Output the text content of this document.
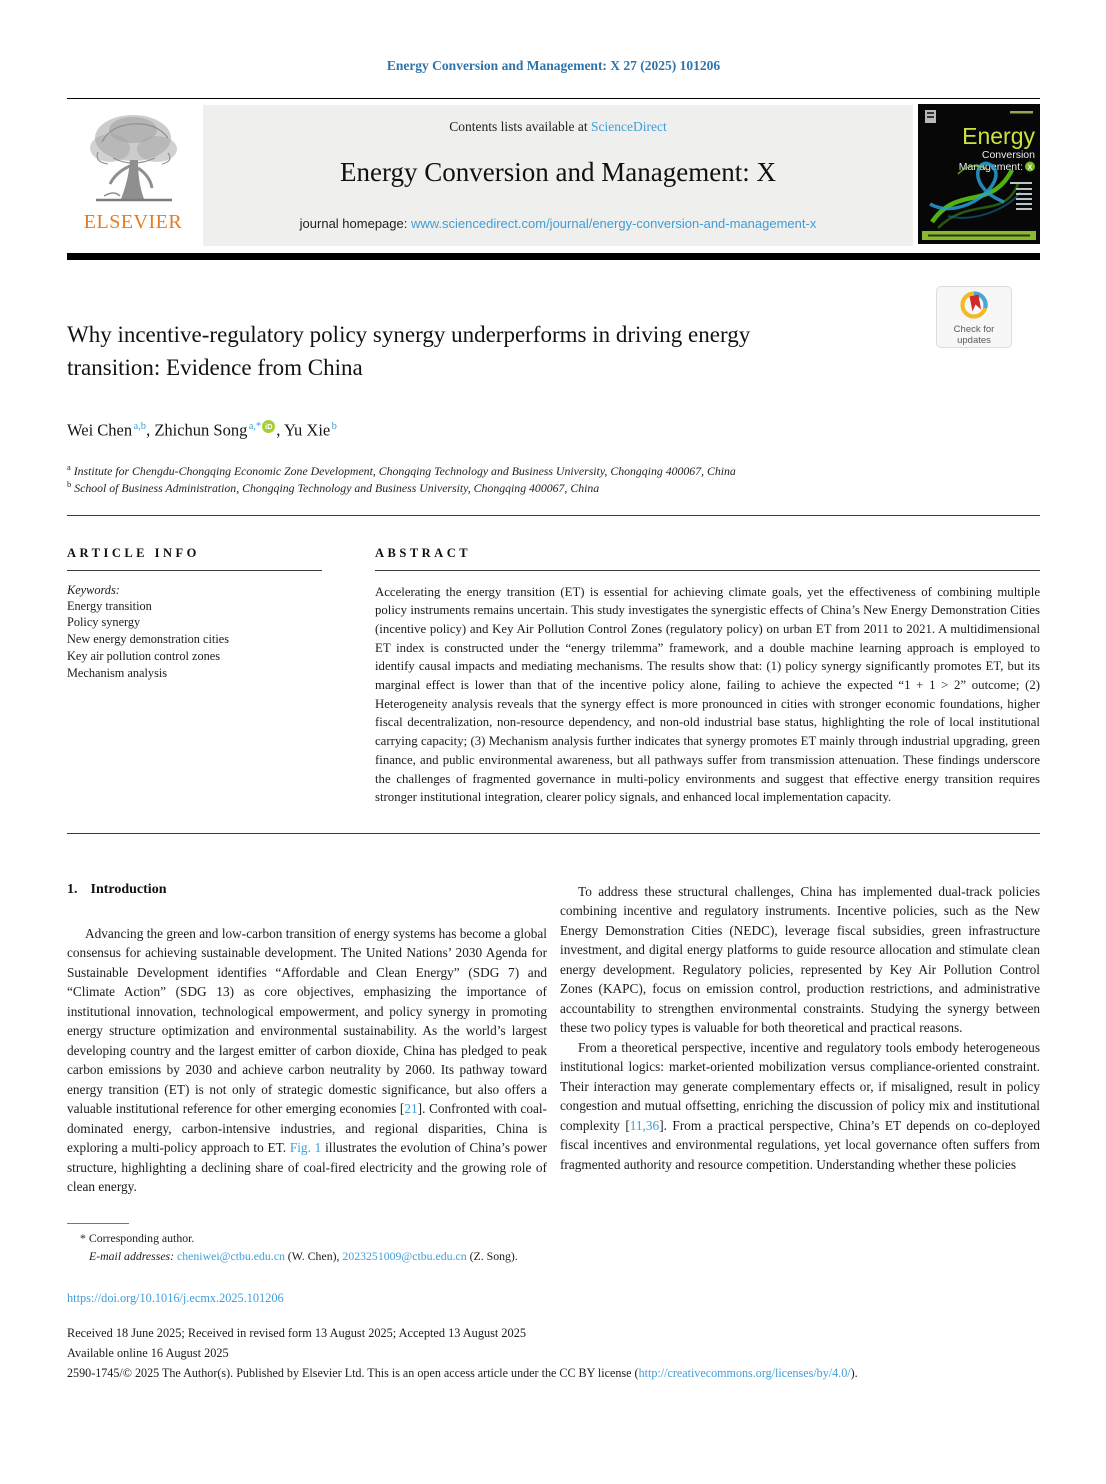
Energy Conversion and Management: X 27 (2025) 101206
ELSEVIER
Contents lists available at ScienceDirect
Energy Conversion and Management: X
journal homepage: www.sciencedirect.com/journal/energy-conversion-and-management-x
Energy
Conversion
Management: X
Check for
updates
Why incentive-regulatory policy synergy underperforms in driving energy
transition: Evidence from China
Wei Chen $^{a,b}$, Zhichun Song $^{a,*}$ iD , Yu Xie $^b$
$^a$ Institute for Chengdu-Chongqing Economic Zone Development, Chongqing Technology and Business University, Chongqing 400067, China
$^b$ School of Business Administration, Chongqing Technology and Business University, Chongqing 400067, China
ARTICLE INFO
Keywords:
Energy transition
Policy synergy
New energy demonstration cities
Key air pollution control zones
Mechanism analysis
ABSTRACT
Accelerating the energy transition (ET) is essential for achieving climate goals, yet the effectiveness of combining multiple policy instruments remains uncertain. This study investigates the synergistic effects of China’s New Energy Demonstration Cities (incentive policy) and Key Air Pollution Control Zones (regulatory policy) on urban ET from 2011 to 2021. A multidimensional ET index is constructed under the “energy trilemma” framework, and a double machine learning approach is employed to identify causal impacts and mediating mechanisms. The results show that: (1) policy synergy significantly promotes ET, but its marginal effect is lower than that of the incentive policy alone, failing to achieve the expected “1 + 1 > 2” outcome; (2) Heterogeneity analysis reveals that the synergy effect is more pronounced in cities with stronger economic foundations, higher fiscal decentralization, non-resource dependency, and non-old industrial base status, highlighting the role of local institutional carrying capacity; (3) Mechanism analysis further indicates that synergy promotes ET mainly through industrial upgrading, green finance, and public environmental awareness, but all pathways suffer from transmission attenuation. These findings underscore the challenges of fragmented governance in multi-policy environments and suggest that effective energy transition requires stronger institutional integration, clearer policy signals, and enhanced local implementation capacity.
1. Introduction

Advancing the green and low-carbon transition of energy systems has become a global consensus for achieving sustainable development. The United Nations’ 2030 Agenda for Sustainable Development identifies “Affordable and Clean Energy” (SDG 7) and “Climate Action” (SDG 13) as core objectives, emphasizing the importance of institutional innovation, technological empowerment, and policy synergy in promoting energy structure optimization and environmental sustainability. As the world’s largest developing country and the largest emitter of carbon dioxide, China has pledged to peak carbon emissions by 2030 and achieve carbon neutrality by 2060. Its pathway toward energy transition (ET) is not only of strategic domestic significance, but also offers a valuable institutional reference for other emerging economies [21]. Confronted with coal-dominated energy, carbon-intensive industries, and regional disparities, China is exploring a multi-policy approach to ET. Fig. 1 illustrates the evolution of China’s power structure, highlighting a declining share of coal-fired electricity and the growing role of clean energy.

To address these structural challenges, China has implemented dual-track policies combining incentive and regulatory instruments. Incentive policies, such as the New Energy Demonstration Cities (NEDC), leverage fiscal subsidies, green infrastructure investment, and digital energy platforms to guide resource allocation and stimulate clean energy development. Regulatory policies, represented by Key Air Pollution Control Zones (KAPC), focus on emission control, production restrictions, and administrative accountability to strengthen environmental constraints. Studying the synergy between these two policy types is valuable for both theoretical and practical reasons.

From a theoretical perspective, incentive and regulatory tools embody heterogeneous institutional logics: market-oriented mobilization versus compliance-oriented constraint. Their interaction may generate complementary effects or, if misaligned, result in policy congestion and mutual offsetting, enriching the discussion of policy mix and institutional complexity [11,36]. From a practical perspective, China’s ET depends on co-deployed fiscal incentives and environmental regulations, yet local governance often suffers from fragmented authority and resource competition. Understanding whether these policies

* Corresponding author.
E-mail addresses: cheniwei@ctbu.edu.cn (W. Chen), 2023251009@ctbu.edu.cn (Z. Song).
https://doi.org/10.1016/j.ecmx.2025.101206
Received 18 June 2025; Received in revised form 13 August 2025; Accepted 13 August 2025
Available online 16 August 2025
2590-1745/© 2025 The Author(s). Published by Elsevier Ltd. This is an open access article under the CC BY license (http://creativecommons.org/licenses/by/4.0/).
